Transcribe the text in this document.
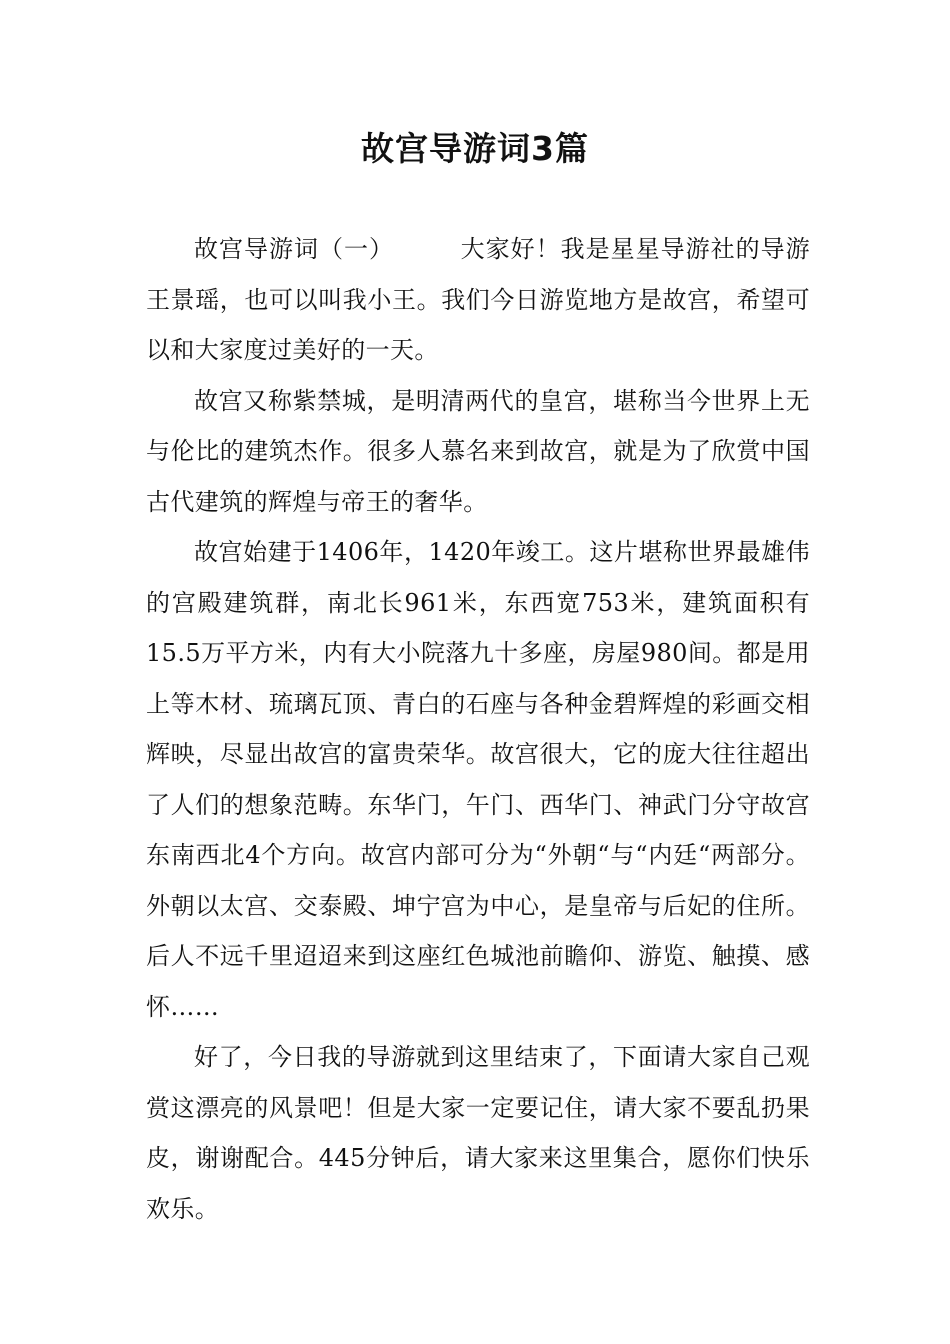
故宫导游词3篇

故宫导游词（一）	大家好！我是星星导游社的导游王景瑶，也可以叫我小王。我们今日游览地方是故宫，希望可以和大家度过美好的一天。

故宫又称紫禁城，是明清两代的皇宫，堪称当今世界上无与伦比的建筑杰作。很多人慕名来到故宫，就是为了欣赏中国古代建筑的辉煌与帝王的奢华。

故宫始建于1406年，1420年竣工。这片堪称世界最雄伟的宫殿建筑群，南北长961米，东西宽753米，建筑面积有15.5万平方米，内有大小院落九十多座，房屋980间。都是用上等木材、琉璃瓦顶、青白的石座与各种金碧辉煌的彩画交相辉映，尽显出故宫的富贵荣华。故宫很大，它的庞大往往超出了人们的想象范畴。东华门，午门、西华门、神武门分守故宫东南西北4个方向。故宫内部可分为“外朝“与“内廷“两部分。外朝以太宫、交泰殿、坤宁宫为中心，是皇帝与后妃的住所。后人不远千里迢迢来到这座红色城池前瞻仰、游览、触摸、感怀……

好了，今日我的导游就到这里结束了，下面请大家自己观赏这漂亮的风景吧！但是大家一定要记住，请大家不要乱扔果皮，谢谢配合。445分钟后，请大家来这里集合，愿你们快乐欢乐。
